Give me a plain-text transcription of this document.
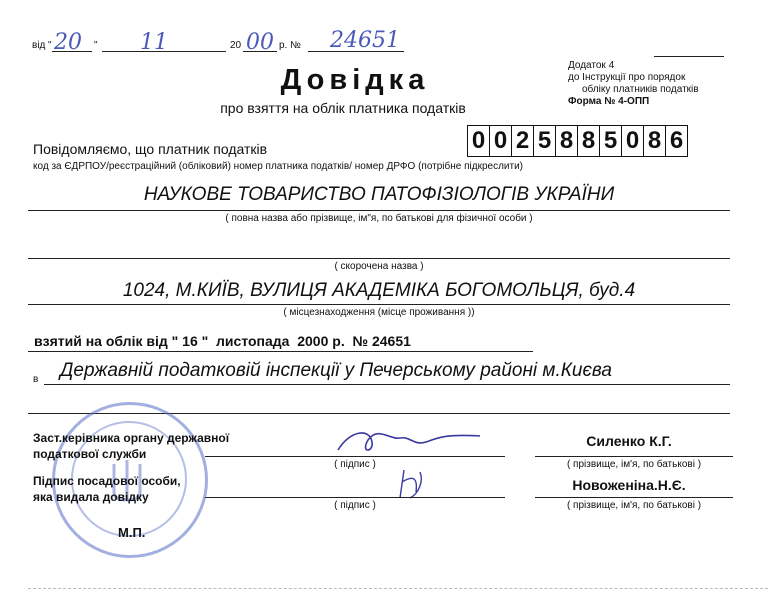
від " 20 " 11	20 00 р. № 24651
Додаток 4
до Інструкції про порядок
обліку платників податків
Форма № 4-ОПП
Довідка
про взяття на облік платника податків
Повідомляємо, що платник податків	0 0 2 5 8 8 5 0 8 6
код за ЄДРПОУ/реєстраційний (обліковий) номер платника податків/ номер ДРФО (потрібне підкреслити)
НАУКОВЕ ТОВАРИСТВО ПАТОФІЗІОЛОГІВ УКРАЇНИ
( повна назва або прізвище, ім"я, по батькові для фізичної особи )
( скорочена назва )
1024, М.КИЇВ, ВУЛИЦЯ АКАДЕМІКА БОГОМОЛЬЦЯ, буд.4
( місцезнаходження (місце проживання ))
взятий на облік від " 16 "  листопада  2000 р.  № 24651
в Державній податковій інспекції у Печерському районі м.Києва
Заст.керівника органу державної
податкової служби
( підпис )
Силенко К.Г.
( прізвище, ім'я, по батькові )
Підпис посадової особи,
яка видала довідку
( підпис )
Новоженіна.Н.Є.
( прізвище, ім'я, по батькові )
М.П.
